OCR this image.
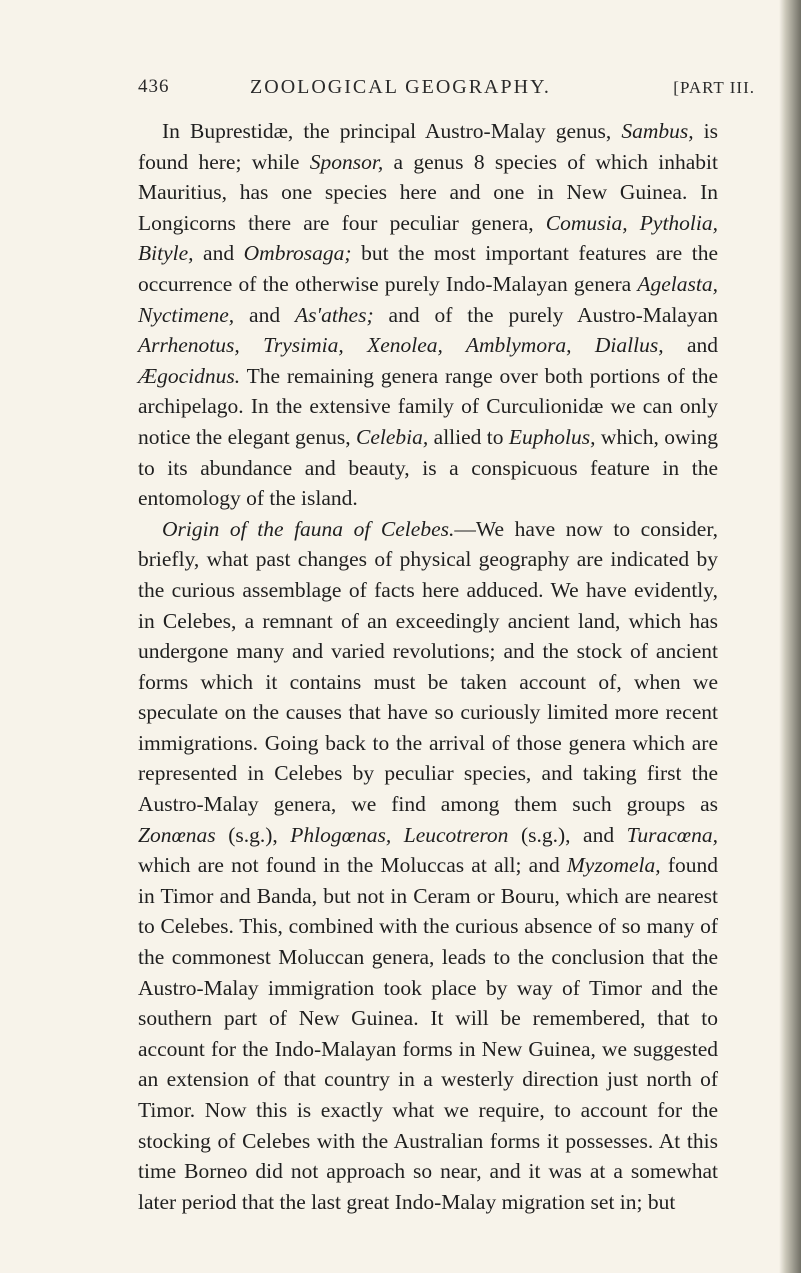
436	ZOOLOGICAL GEOGRAPHY.	[PART III.

In Buprestidæ, the principal Austro-Malay genus, Sambus, is found here; while Sponsor, a genus 8 species of which inhabit Mauritius, has one species here and one in New Guinea. In Longicorns there are four peculiar genera, Comusia, Pytholia, Bityle, and Ombrosaga; but the most important features are the occurrence of the otherwise purely Indo-Malayan genera Agelasta, Nyctimene, and As'athes; and of the purely Austro-Malayan Arrhenotus, Trysimia, Xenolea, Amblymora, Diallus, and Ægocidnus. The remaining genera range over both portions of the archipelago. In the extensive family of Curculionidæ we can only notice the elegant genus, Celebia, allied to Eupholus, which, owing to its abundance and beauty, is a conspicuous feature in the entomology of the island.

Origin of the fauna of Celebes.—We have now to consider, briefly, what past changes of physical geography are indicated by the curious assemblage of facts here adduced. We have evidently, in Celebes, a remnant of an exceedingly ancient land, which has undergone many and varied revolutions; and the stock of ancient forms which it contains must be taken account of, when we speculate on the causes that have so curiously limited more recent immigrations. Going back to the arrival of those genera which are represented in Celebes by peculiar species, and taking first the Austro-Malay genera, we find among them such groups as Zonœnas (s.g.), Phlogœnas, Leucotreron (s.g.), and Turacœna, which are not found in the Moluccas at all; and Myzomela, found in Timor and Banda, but not in Ceram or Bouru, which are nearest to Celebes. This, combined with the curious absence of so many of the commonest Moluccan genera, leads to the conclusion that the Austro-Malay immigration took place by way of Timor and the southern part of New Guinea. It will be remembered, that to account for the Indo-Malayan forms in New Guinea, we suggested an extension of that country in a westerly direction just north of Timor. Now this is exactly what we require, to account for the stocking of Celebes with the Australian forms it possesses. At this time Borneo did not approach so near, and it was at a somewhat later period that the last great Indo-Malay migration set in; but
